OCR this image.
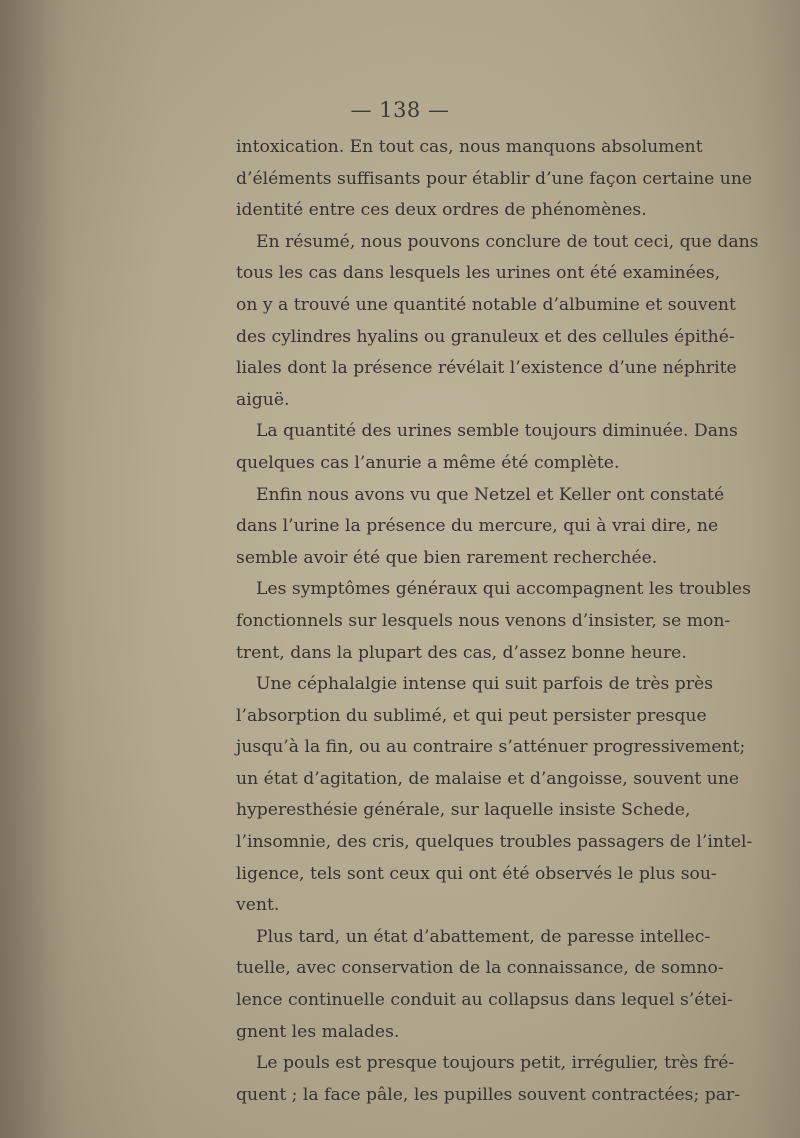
— 138 —
intoxication. En tout cas, nous manquons absolument
d’éléments suffisants pour établir d’une façon certaine une
identité entre ces deux ordres de phénomènes.
En résumé, nous pouvons conclure de tout ceci, que dans
tous les cas dans lesquels les urines ont été examinées,
on y a trouvé une quantité notable d’albumine et souvent
des cylindres hyalins ou granuleux et des cellules épithé-
liales dont la présence révélait l’existence d’une néphrite
aiguë.
La quantité des urines semble toujours diminuée. Dans
quelques cas l’anurie a même été complète.
Enfin nous avons vu que Netzel et Keller ont constaté
dans l’urine la présence du mercure, qui à vrai dire, ne
semble avoir été que bien rarement recherchée.
Les symptômes généraux qui accompagnent les troubles
fonctionnels sur lesquels nous venons d’insister, se mon-
trent, dans la plupart des cas, d’assez bonne heure.
Une céphalalgie intense qui suit parfois de très près
l’absorption du sublimé, et qui peut persister presque
jusqu’à la fin, ou au contraire s’atténuer progressivement;
un état d’agitation, de malaise et d’angoisse, souvent une
hyperesthésie générale, sur laquelle insiste Schede,
l’insomnie, des cris, quelques troubles passagers de l’intel-
ligence, tels sont ceux qui ont été observés le plus sou-
vent.
Plus tard, un état d’abattement, de paresse intellec-
tuelle, avec conservation de la connaissance, de somno-
lence continuelle conduit au collapsus dans lequel s’étei-
gnent les malades.
Le pouls est presque toujours petit, irrégulier, très fré-
quent ; la face pâle, les pupilles souvent contractées; par-
